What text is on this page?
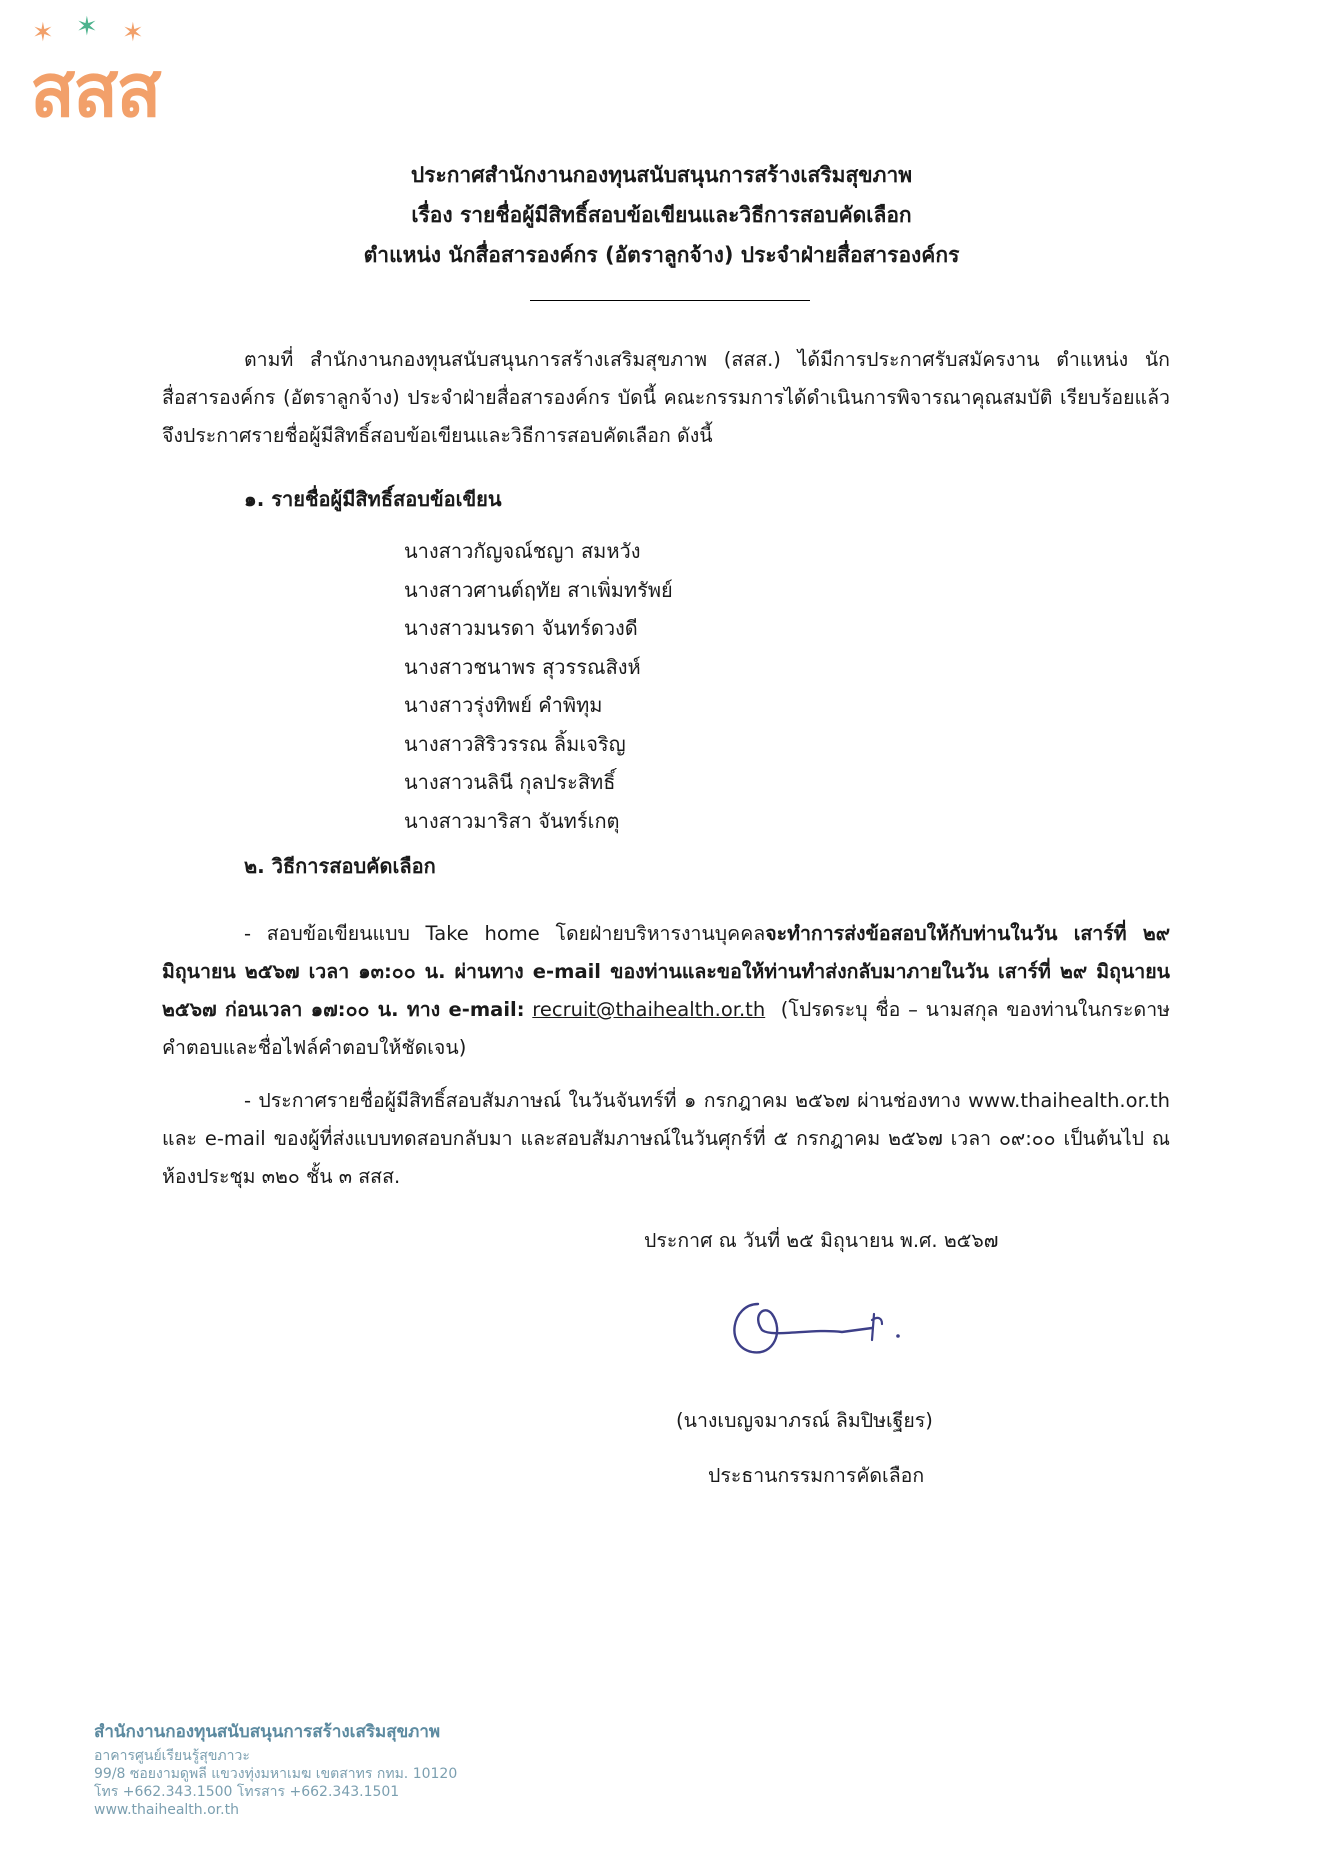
✶ ✶ ✶
สสส
ประกาศสำนักงานกองทุนสนับสนุนการสร้างเสริมสุขภาพ
เรื่อง รายชื่อผู้มีสิทธิ์สอบข้อเขียนและวิธีการสอบคัดเลือก
ตำแหน่ง นักสื่อสารองค์กร (อัตราลูกจ้าง) ประจำฝ่ายสื่อสารองค์กร
ตามที่ สำนักงานกองทุนสนับสนุนการสร้างเสริมสุขภาพ (สสส.) ได้มีการประกาศรับสมัครงาน ตำแหน่ง นักสื่อสารองค์กร (อัตราลูกจ้าง) ประจำฝ่ายสื่อสารองค์กร บัดนี้ คณะกรรมการได้ดำเนินการพิจารณาคุณสมบัติ เรียบร้อยแล้ว จึงประกาศรายชื่อผู้มีสิทธิ์สอบข้อเขียนและวิธีการสอบคัดเลือก ดังนี้
๑. รายชื่อผู้มีสิทธิ์สอบข้อเขียน
นางสาวกัญจณ์ชญา สมหวัง
นางสาวศานต์ฤทัย สาเพิ่มทรัพย์
นางสาวมนรดา จันทร์ดวงดี
นางสาวชนาพร สุวรรณสิงห์
นางสาวรุ่งทิพย์ คำพิทุม
นางสาวสิริวรรณ ลิ้มเจริญ
นางสาวนลินี กุลประสิทธิ์
นางสาวมาริสา จันทร์เกตุ
๒. วิธีการสอบคัดเลือก
- สอบข้อเขียนแบบ Take home โดยฝ่ายบริหารงานบุคคลจะทำการส่งข้อสอบให้กับท่านในวัน เสาร์ที่ ๒๙ มิถุนายน ๒๕๖๗ เวลา ๑๓:๐๐ น. ผ่านทาง e-mail ของท่านและขอให้ท่านทำส่งกลับมาภายในวัน เสาร์ที่ ๒๙ มิถุนายน ๒๕๖๗ ก่อนเวลา ๑๗:๐๐ น. ทาง e-mail: recruit@thaihealth.or.th (โปรดระบุ ชื่อ – นามสกุล ของท่านในกระดาษคำตอบและชื่อไฟล์คำตอบให้ชัดเจน)
- ประกาศรายชื่อผู้มีสิทธิ์สอบสัมภาษณ์ ในวันจันทร์ที่ ๑ กรกฎาคม ๒๕๖๗ ผ่านช่องทาง www.thaihealth.or.th และ e-mail ของผู้ที่ส่งแบบทดสอบกลับมา และสอบสัมภาษณ์ในวันศุกร์ที่ ๕ กรกฎาคม ๒๕๖๗ เวลา ๐๙:๐๐ เป็นต้นไป ณ ห้องประชุม ๓๒๐ ชั้น ๓ สสส.
ประกาศ ณ วันที่ ๒๕ มิถุนายน พ.ศ. ๒๕๖๗
(นางเบญจมาภรณ์ ลิมปิษเฐียร)
ประธานกรรมการคัดเลือก
สำนักงานกองทุนสนับสนุนการสร้างเสริมสุขภาพ
อาคารศูนย์เรียนรู้สุขภาวะ
99/8 ซอยงามดูพลี แขวงทุ่งมหาเมฆ เขตสาทร กทม. 10120
โทร +662.343.1500 โทรสาร +662.343.1501
www.thaihealth.or.th
